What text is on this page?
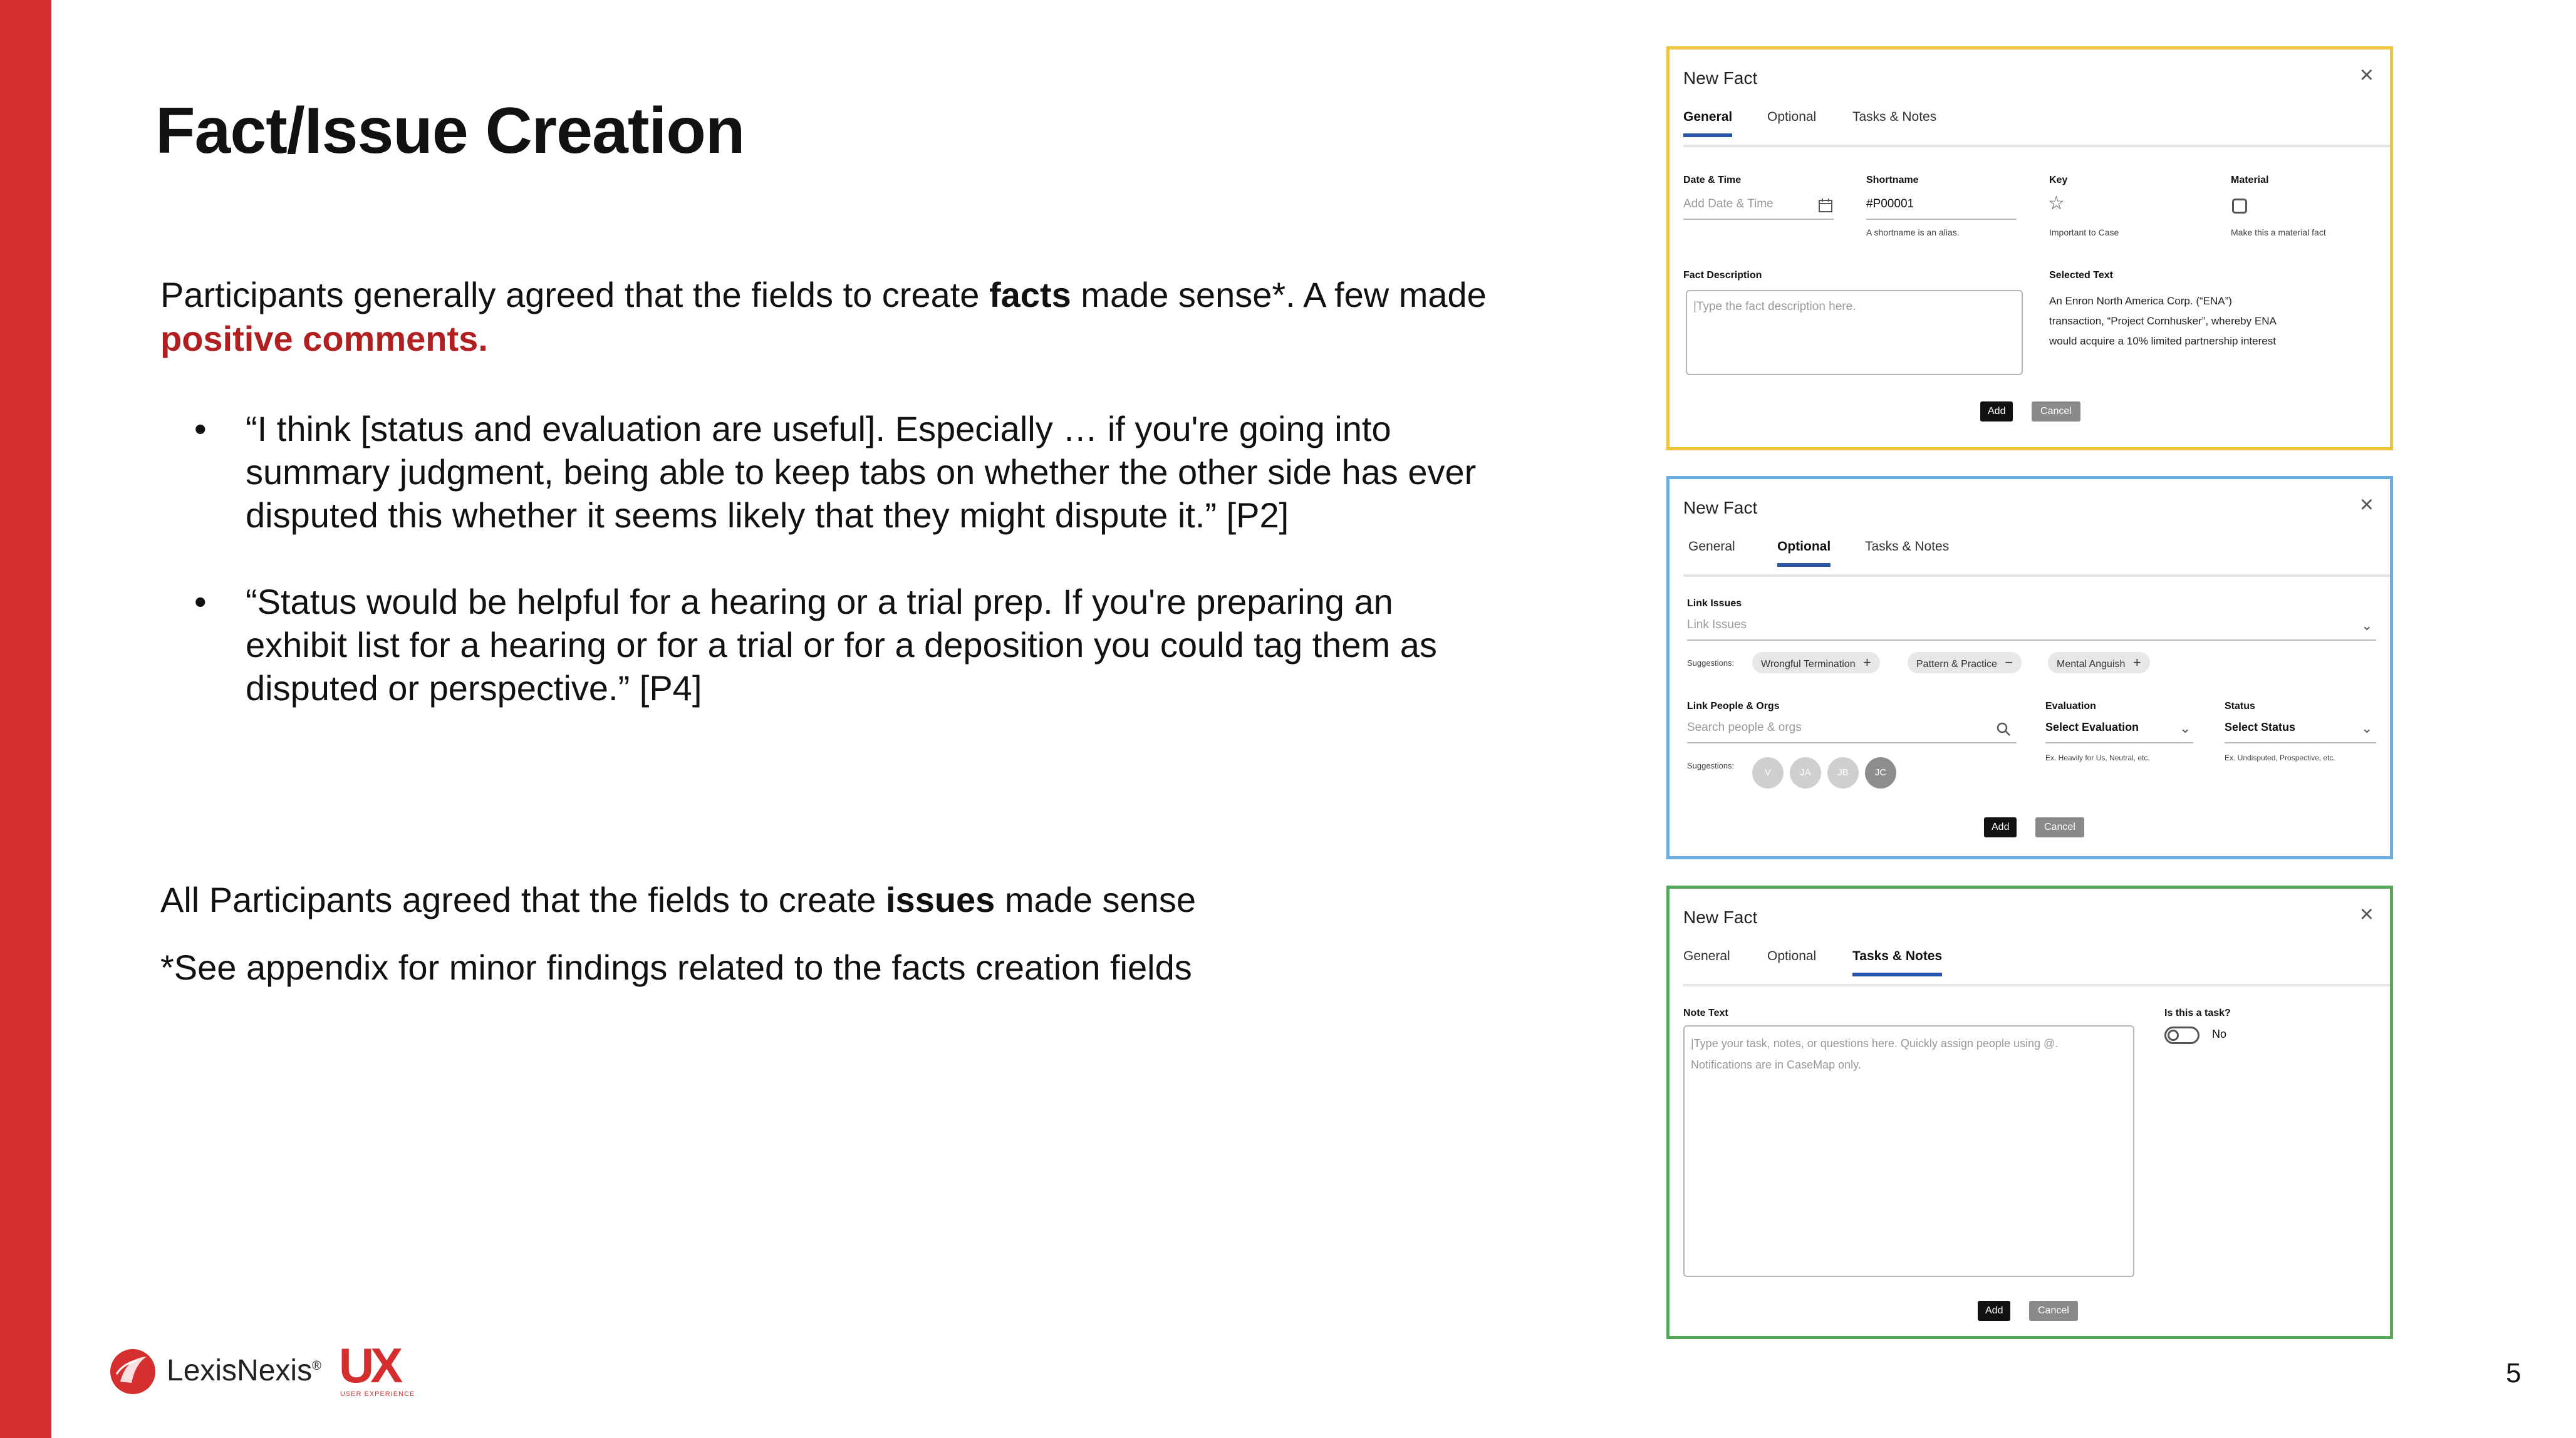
Fact/Issue Creation

Participants generally agreed that the fields to create facts made sense*. A few made
positive comments.

• “I think [status and evaluation are useful]. Especially … if you're going into summary judgment, being able to keep tabs on whether the other side has ever disputed this whether it seems likely that they might dispute it.” [P2]
• “Status would be helpful for a hearing or a trial prep. If you're preparing an exhibit list for a hearing or for a trial or for a deposition you could tag them as disputed or perspective.” [P4]

All Participants agreed that the fields to create issues made sense

*See appendix for minor findings related to the facts creation fields

LexisNexis® UX
USER EXPERIENCE
5
New Fact	×
General	Optional	Tasks & Notes
Date & Time
Add Date & Time
Shortname
#P00001
A shortname is an alias.
Key
☆
Important to Case
Material
Make this a material fact
Fact Description
|Type the fact description here.
Selected Text
An Enron North America Corp. (“ENA”)
transaction, “Project Cornhusker”, whereby ENA
would acquire a 10% limited partnership interest
Add	Cancel
New Fact	×
General	Optional	Tasks & Notes
Link Issues
Link Issues	⌄
Suggestions:	Wrongful Termination +	Pattern & Practice −	Mental Anguish +
Link People & Orgs
Search people & orgs
Evaluation
Select Evaluation	⌄
Ex. Heavily for Us, Neutral, etc.
Status
Select Status	⌄
Ex. Undisputed, Prospective, etc.
Suggestions:
V	JA	JB	JC
Add	Cancel
New Fact	×
General	Optional	Tasks & Notes
Note Text
|Type your task, notes, or questions here. Quickly assign people using @.
Notifications are in CaseMap only.
Is this a task?
No
Add	Cancel
